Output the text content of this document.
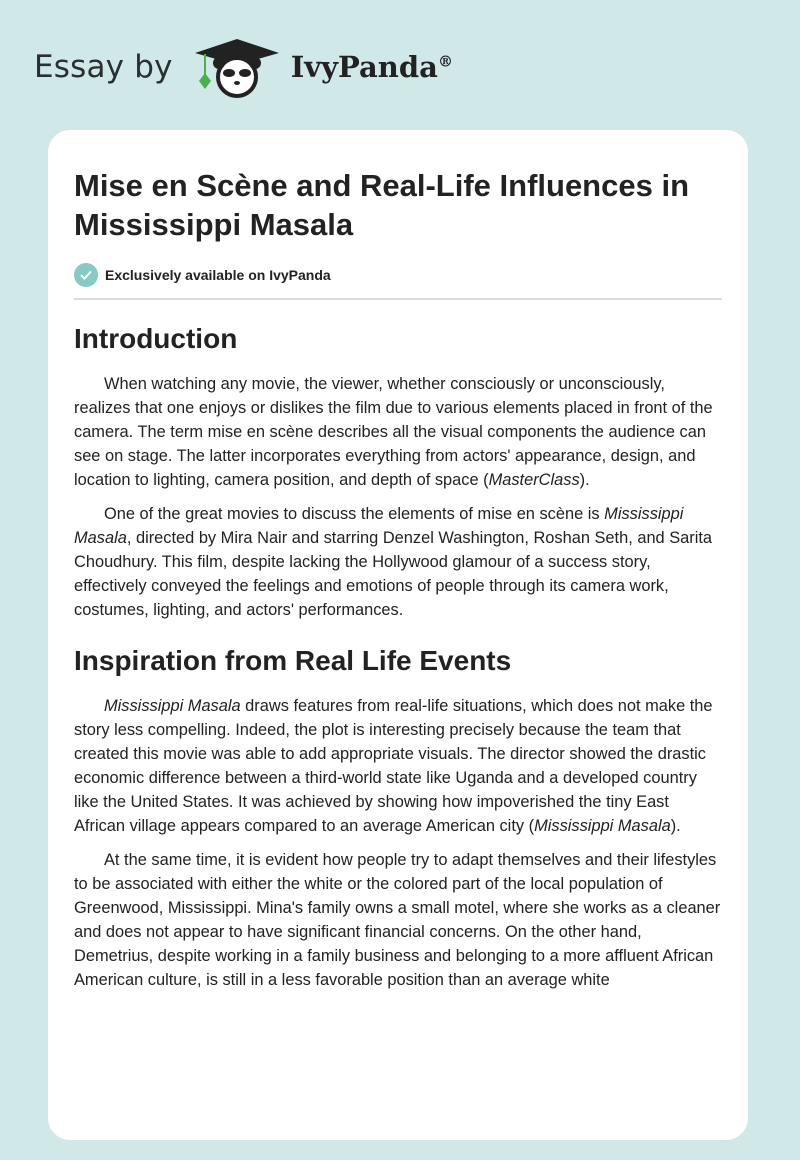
Essay by	IvyPanda®
Mise en Scène and Real-Life Influences in Mississippi Masala
Exclusively available on IvyPanda
Introduction

When watching any movie, the viewer, whether consciously or unconsciously, realizes that one enjoys or dislikes the film due to various elements placed in front of the camera. The term mise en scène describes all the visual components the audience can see on stage. The latter incorporates everything from actors' appearance, design, and location to lighting, camera position, and depth of space (MasterClass).

One of the great movies to discuss the elements of mise en scène is Mississippi Masala, directed by Mira Nair and starring Denzel Washington, Roshan Seth, and Sarita Choudhury. This film, despite lacking the Hollywood glamour of a success story, effectively conveyed the feelings and emotions of people through its camera work, costumes, lighting, and actors' performances.

Inspiration from Real Life Events

Mississippi Masala draws features from real-life situations, which does not make the story less compelling. Indeed, the plot is interesting precisely because the team that created this movie was able to add appropriate visuals. The director showed the drastic economic difference between a third-world state like Uganda and a developed country like the United States. It was achieved by showing how impoverished the tiny East African village appears compared to an average American city (Mississippi Masala).

At the same time, it is evident how people try to adapt themselves and their lifestyles to be associated with either the white or the colored part of the local population of Greenwood, Mississippi. Mina's family owns a small motel, where she works as a cleaner and does not appear to have significant financial concerns. On the other hand, Demetrius, despite working in a family business and belonging to a more affluent African American culture, is still in a less favorable position than an average white
